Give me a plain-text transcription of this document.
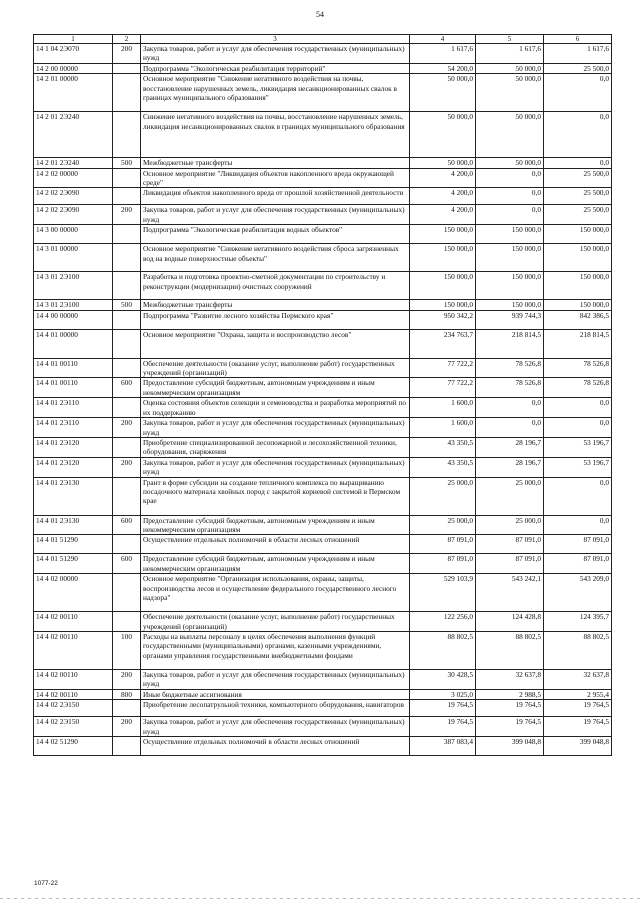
54
1	2	3	4	5	6
14 1 04 2Э070	200	Закупка товаров, работ и услуг для обеспечения государственных (муниципальных) нужд	1 617,6	1 617,6	1 617,6
14 2 00 00000		Подпрограмма "Экологическая реабилитация территорий"	54 200,0	50 000,0	25 500,0
14 2 01 00000		Основное мероприятие "Снижение негативного воздействия на почвы, восстановление нарушенных земель, ликвидация несанкционированных свалок в границах муниципального образования"	50 000,0	50 000,0	0,0
14 2 01 2Э240		Снижение негативного воздействия на почвы, восстановление нарушенных земель, ликвидация несанкционированных свалок в границах муниципального образования	50 000,0	50 000,0	0,0
14 2 01 2Э240	500	Межбюджетные трансферты	50 000,0	50 000,0	0,0
14 2 02 00000		Основное мероприятие "Ликвидация объектов накопленного вреда окружающей среде"	4 200,0	0,0	25 500,0
14 2 02 2Э090		Ликвидация объектов накопленного вреда от прошлой хозяйственной деятельности	4 200,0	0,0	25 500,0
14 2 02 2Э090	200	Закупка товаров, работ и услуг для обеспечения государственных (муниципальных) нужд	4 200,0	0,0	25 500,0
14 3 00 00000		Подпрограмма "Экологическая реабилитация водных объектов"	150 000,0	150 000,0	150 000,0
14 3 01 00000		Основное мероприятие "Снижение негативного воздействия сброса загрязненных вод на водные поверхностные объекты"	150 000,0	150 000,0	150 000,0
14 3 01 2Э100		Разработка и подготовка проектно-сметной документации по строительству и реконструкции (модернизации) очистных сооружений	150 000,0	150 000,0	150 000,0
14 3 01 2Э100	500	Межбюджетные трансферты	150 000,0	150 000,0	150 000,0
14 4 00 00000		Подпрограмма "Развитие лесного хозяйства Пермского края"	950 342,2	939 744,3	842 386,5
14 4 01 00000		Основное мероприятие "Охрана, защита и воспроизводство лесов"	234 763,7	218 814,5	218 814,5
14 4 01 00110		Обеспечение деятельности (оказание услуг, выполнение работ) государственных учреждений (организаций)	77 722,2	78 526,8	78 526,8
14 4 01 00110	600	Предоставление субсидий бюджетным, автономным учреждениям и иным некоммерческим организациям	77 722,2	78 526,8	78 526,8
14 4 01 2Э110		Оценка состояния объектов селекции и семеноводства и разработка мероприятий по их поддержанию	1 600,0	0,0	0,0
14 4 01 2Э110	200	Закупка товаров, работ и услуг для обеспечения государственных (муниципальных) нужд	1 600,0	0,0	0,0
14 4 01 2Э120		Приобретение специализированной лесопожарной и лесохозяйственной техники, оборудования, снаряжения	43 350,5	28 196,7	53 196,7
14 4 01 2Э120	200	Закупка товаров, работ и услуг для обеспечения государственных (муниципальных) нужд	43 350,5	28 196,7	53 196,7
14 4 01 2Э130		Грант в форме субсидии на создание тепличного комплекса по выращиванию посадочного материала хвойных пород с закрытой корневой системой в Пермском крае	25 000,0	25 000,0	0,0
14 4 01 2Э130	600	Предоставление субсидий бюджетным, автономным учреждениям и иным некоммерческим организациям	25 000,0	25 000,0	0,0
14 4 01 51290		Осуществление отдельных полномочий в области лесных отношений	87 091,0	87 091,0	87 091,0
14 4 01 51290	600	Предоставление субсидий бюджетным, автономным учреждениям и иным некоммерческим организациям	87 091,0	87 091,0	87 091,0
14 4 02 00000		Основное мероприятие "Организация использования, охраны, защиты, воспроизводства лесов и осуществление федерального государственного лесного надзора"	529 103,9	543 242,1	543 209,0
14 4 02 00110		Обеспечение деятельности (оказание услуг, выполнение работ) государственных учреждений (организаций)	122 256,0	124 428,8	124 395,7
14 4 02 00110	100	Расходы на выплаты персоналу в целях обеспечения выполнения функций государственными (муниципальными) органами, казенными учреждениями, органами управления государственными внебюджетными фондами	88 802,5	88 802,5	88 802,5
14 4 02 00110	200	Закупка товаров, работ и услуг для обеспечения государственных (муниципальных) нужд	30 428,5	32 637,8	32 637,8
14 4 02 00110	800	Иные бюджетные ассигнования	3 025,0	2 988,5	2 955,4
14 4 02 2Э150		Приобретение лесопатрульной техники, компьютерного оборудования, навигаторов	19 764,5	19 764,5	19 764,5
14 4 02 2Э150	200	Закупка товаров, работ и услуг для обеспечения государственных (муниципальных) нужд	19 764,5	19 764,5	19 764,5
14 4 02 51290		Осуществление отдельных полномочий в области лесных отношений	387 083,4	399 048,8	399 048,8
1077-22
